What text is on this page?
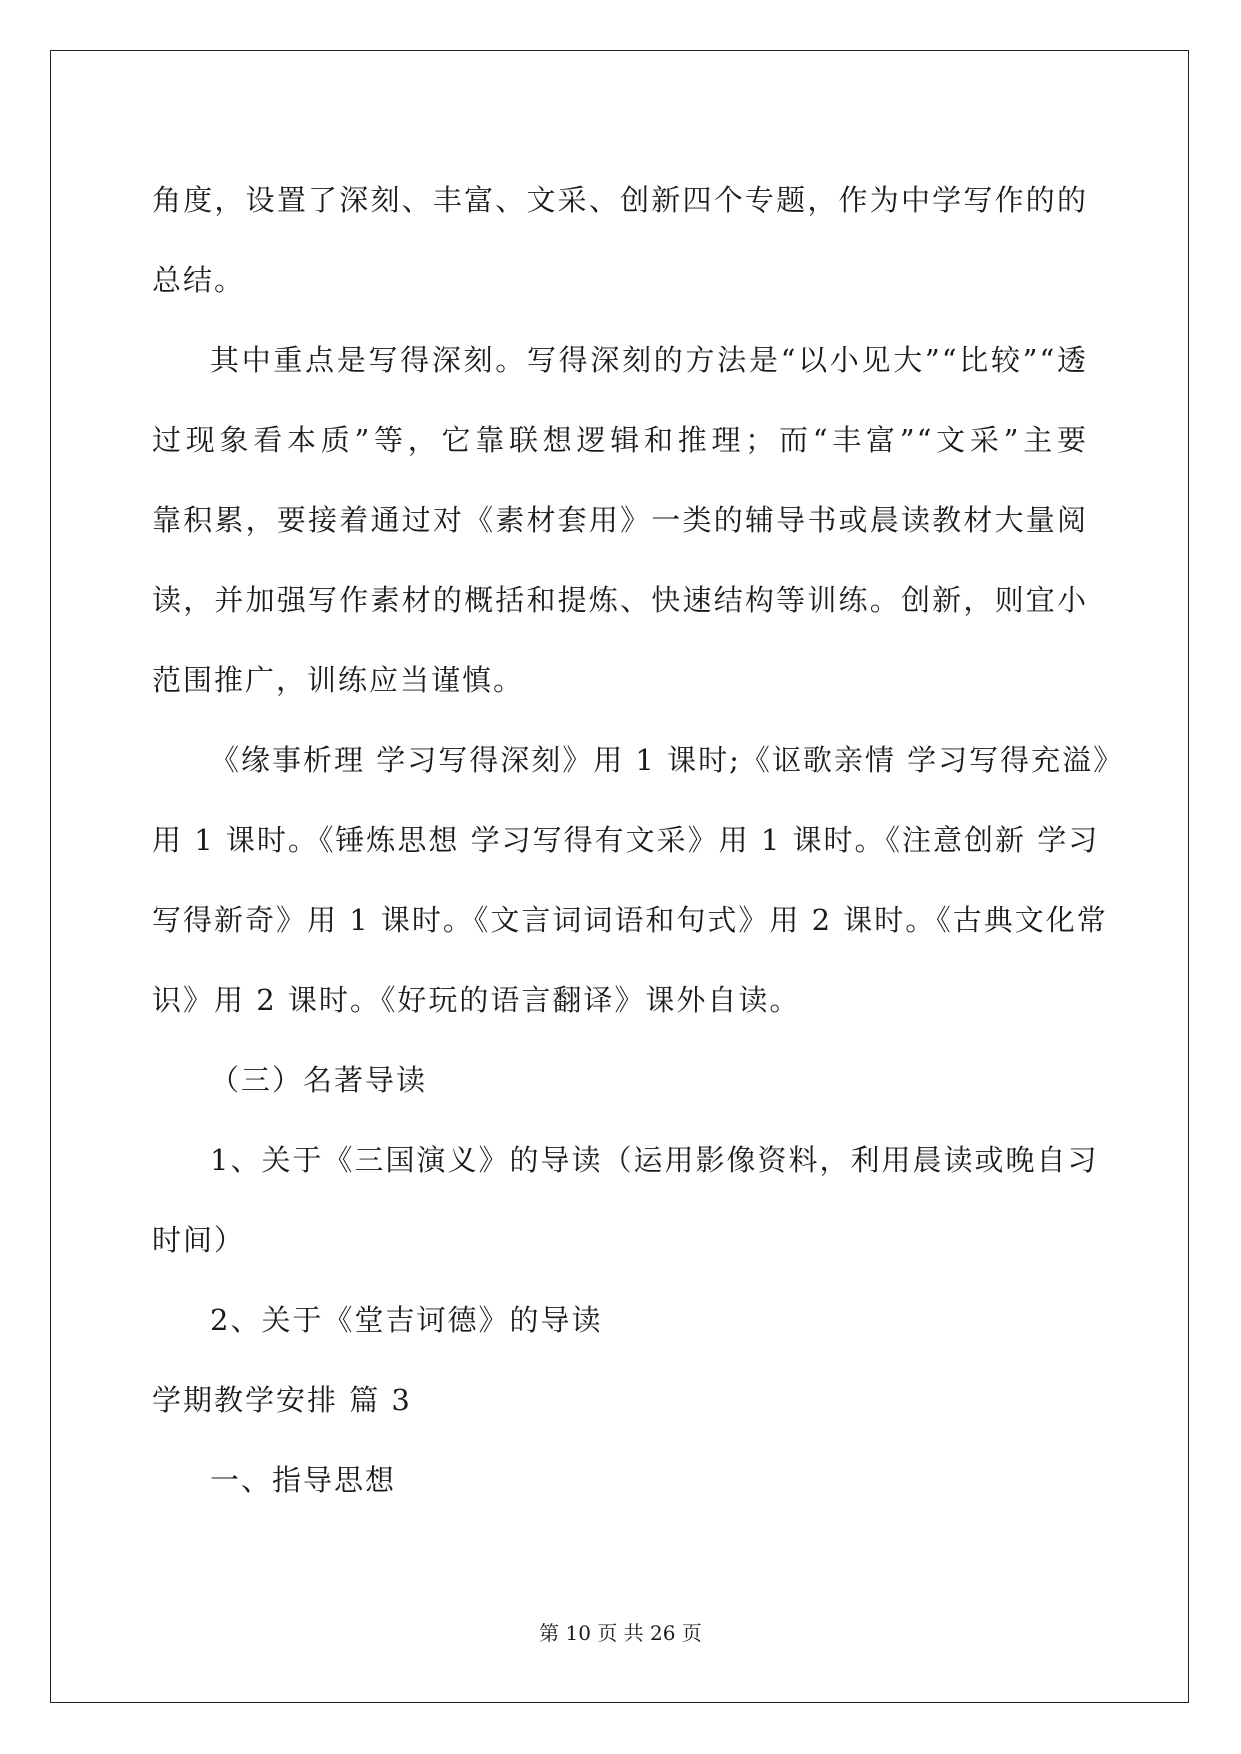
角度，设置了深刻、丰富、文采、创新四个专题，作为中学写作的的
总结。
其中重点是写得深刻。写得深刻的方法是“以小见大”“比较”“透
过现象看本质”等，它靠联想逻辑和推理；而“丰富”“文采”主要
靠积累，要接着通过对《素材套用》一类的辅导书或晨读教材大量阅
读，并加强写作素材的概括和提炼、快速结构等训练。创新，则宜小
范围推广，训练应当谨慎。
《缘事析理 学习写得深刻》用 1 课时;《讴歌亲情 学习写得充溢》
用 1 课时。《锤炼思想 学习写得有文采》用 1 课时。《注意创新 学习
写得新奇》用 1 课时。《文言词词语和句式》用 2 课时。《古典文化常
识》用 2 课时。《好玩的语言翻译》课外自读。
（三）名著导读
1、关于《三国演义》的导读（运用影像资料，利用晨读或晚自习
时间）
2、关于《堂吉诃德》的导读
学期教学安排 篇 3
一、指导思想
第 10 页 共 26 页
